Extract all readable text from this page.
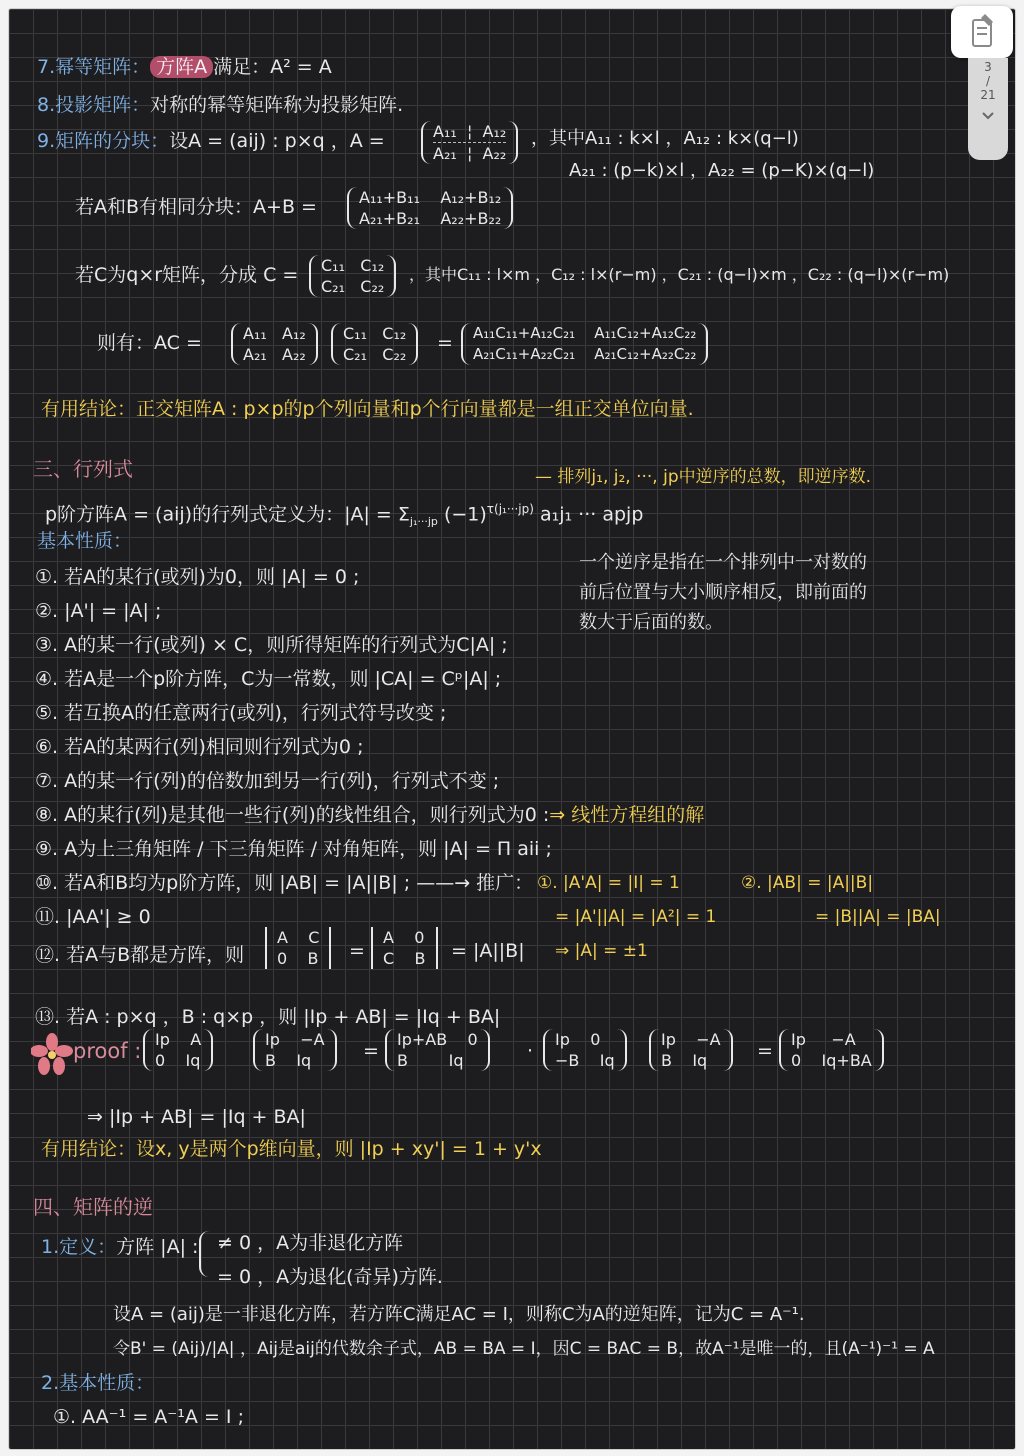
7.幂等矩阵： 方阵A 满足：A² = A
8.投影矩阵：对称的幂等矩阵称为投影矩阵.
9.矩阵的分块：设A = (aij) : p×q ，A =	A₁₁  ¦  A₁₂
A₂₁  ¦  A₂₂
，其中A₁₁ : k×l ，A₁₂ : k×(q−l)
A₂₁ : (p−k)×l ，A₂₂ = (p−K)×(q−l)
若A和B有相同分块：A+B =	A₁₁+B₁₁ A₁₂+B₁₂
A₂₁+B₂₁ A₂₂+B₂₂
若C为q×r矩阵，分成 C = C₁₁ C₁₂
C₂₁ C₂₂
，其中C₁₁ : l×m ，C₁₂ : l×(r−m) ，C₂₁ : (q−l)×m ，C₂₂ : (q−l)×(r−m)
则有：AC =	A₁₁ A₁₂
A₂₁ A₂₂
C₁₁ C₁₂
C₂₁ C₂₂
= A₁₁C₁₁+A₁₂C₂₁ A₁₁C₁₂+A₁₂C₂₂
A₂₁C₁₁+A₂₂C₂₁ A₂₁C₁₂+A₂₂C₂₂
有用结论：正交矩阵A : p×p的p个列向量和p个行向量都是一组正交单位向量.
三、行列式	— 排列j₁, j₂, ···, jp中逆序的总数，即逆序数.
p阶方阵A = (aij)的行列式定义为：$|A| = \Sigma_{j_1\cdot\cdot\cdot jp}$ $(-1)^{\tau(j_1\cdot\cdot\cdot jp)}$ a₁j₁ ··· apjp
基本性质：
一个逆序是指在一个排列中一对数的
前后位置与大小顺序相反，即前面的
数大于后面的数。
①. 若A的某行(或列)为0，则 |A| = 0 ;
②. |A'| = |A| ;
③. A的某一行(或列) × C，则所得矩阵的行列式为C|A| ;
④. 若A是一个p阶方阵，C为一常数，则 |CA| = Cᵖ|A| ;
⑤. 若互换A的任意两行(或列)，行列式符号改变 ;
⑥. 若A的某两行(列)相同则行列式为0 ;
⑦. A的某一行(列)的倍数加到另一行(列)，行列式不变 ;
⑧. A的某行(列)是其他一些行(列)的线性组合，则行列式为0 :⇒ 线性方程组的解
⑨. A为上三角矩阵 / 下三角矩阵 / 对角矩阵，则 |A| = Π aii ;
⑩. 若A和B均为p阶方阵，则 |AB| = |A||B| ; ——→ 推广： ①. |A'A| = |I| = 1	②. |AB| = |A||B|
= |A'||A| = |A²| = 1	= |B||A| = |BA|
⑪. |AA'| ≥ 0
⑫. 若A与B都是方阵，则
A C
0 B =
A 0
C B = |A||B| ⇒ |A| = ±1
⑬. 若A : p×q ，B : q×p ，则 |Ip + AB| = |Iq + BA|
proof : Ip A
0 Iq
Ip −A
B Iq	=
Ip+AB 0
B	Iq	·
Ip 0
−B Iq
Ip −A
B Iq	=
Ip −A
0 Iq+BA
⇒ |Ip + AB| = |Iq + BA|
有用结论：设x, y是两个p维向量，则 |Ip + xy'| = 1 + y'x
四、矩阵的逆
1.定义：方阵 |A| : ≠ 0 ，A为非退化方阵
= 0 ，A为退化(奇异)方阵.
设A = (aij)是一非退化方阵，若方阵C满足AC = I，则称C为A的逆矩阵，记为C = A⁻¹.
令B' = (Aij)/|A| ，Aij是aij的代数余子式，AB = BA = I，因C = BAC = B，故A⁻¹是唯一的，且(A⁻¹)⁻¹ = A
2.基本性质：
①. AA⁻¹ = A⁻¹A = I ;
3
/
21
